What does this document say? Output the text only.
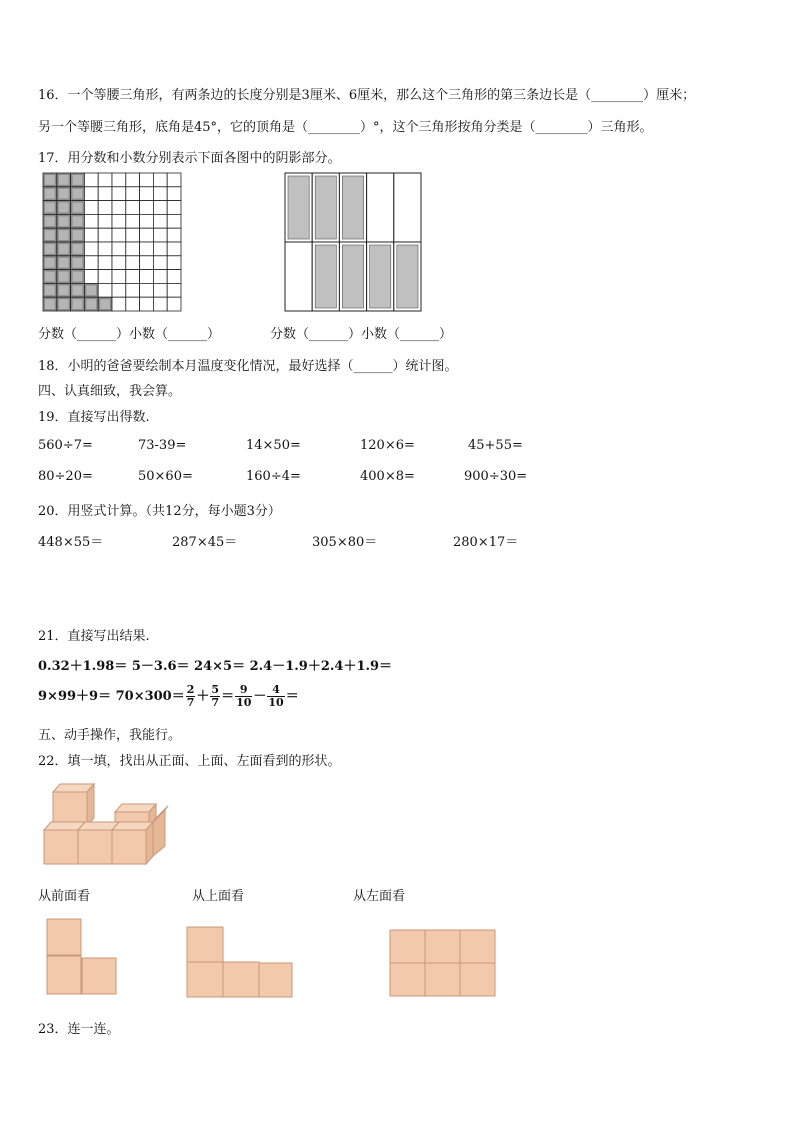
16．一个等腰三角形，有两条边的长度分别是3厘米、6厘米，那么这个三角形的第三条边长是（________）厘米；
另一个等腰三角形，底角是45°，它的顶角是（________）°，这个三角形按角分类是（________）三角形。
17．用分数和小数分别表示下面各图中的阴影部分。
分数（______）小数（______）	分数（______）小数（______）
18．小明的爸爸要绘制本月温度变化情况，最好选择（______）统计图。
四、认真细致，我会算。
19．直接写出得数.
560÷7=	73-39=	14×50=	120×6=	45+55=
80÷20=	50×60=	160÷4=	400×8=	900÷30=
20．用竖式计算。（共12分，每小题3分）
448×55＝	287×45＝	305×80＝	280×17＝
21．直接写出结果.
0.32＋1.98＝ 5－3.6＝ 24×5＝ 2.4－1.9＋2.4＋1.9＝
$9\times 99+9= 70\times 300= \frac{2}{7} + \frac{5}{7} = \frac{9}{10} - \frac{4}{10}$ ＝
五、动手操作，我能行。
22．填一填，找出从正面、上面、左面看到的形状。
从前面看	从上面看	从左面看
23．连一连。
